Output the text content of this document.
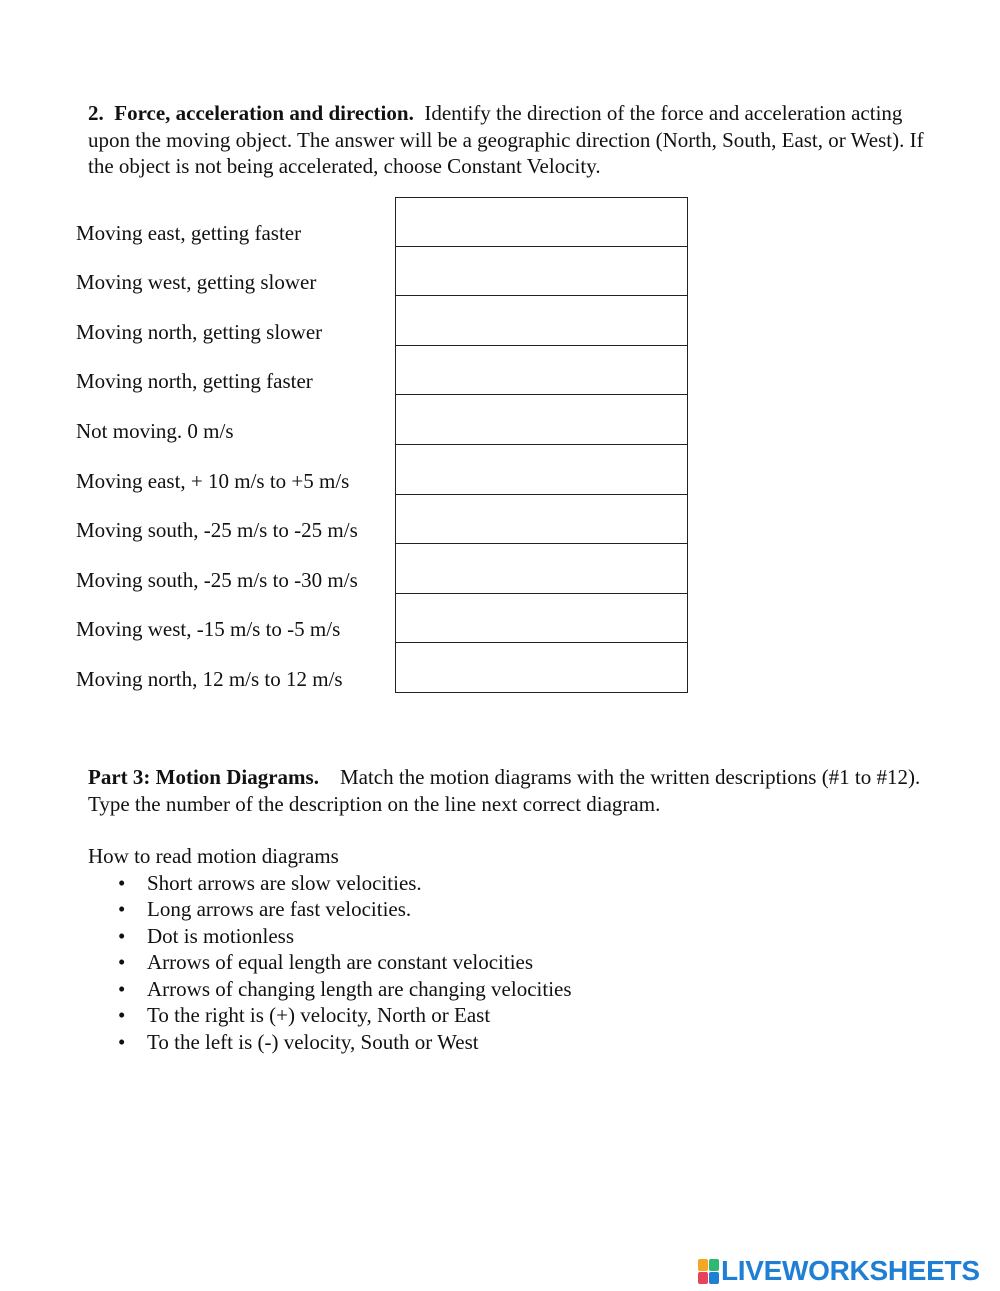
2. Force, acceleration and direction. Identify the direction of the force and acceleration acting upon the moving object. The answer will be a geographic direction (North, South, East, or West). If the object is not being accelerated, choose Constant Velocity.
Moving east, getting faster
Moving west, getting slower
Moving north, getting slower
Moving north, getting faster
Not moving. 0 m/s
Moving east, + 10 m/s to +5 m/s
Moving south, -25 m/s to -25 m/s
Moving south, -25 m/s to -30 m/s
Moving west, -15 m/s to -5 m/s
Moving north, 12 m/s to 12 m/s
Part 3: Motion Diagrams. Match the motion diagrams with the written descriptions (#1 to #12). Type the number of the description on the line next correct diagram.
How to read motion diagrams
• Short arrows are slow velocities.
• Long arrows are fast velocities.
• Dot is motionless
• Arrows of equal length are constant velocities
• Arrows of changing length are changing velocities
• To the right is (+) velocity, North or East
• To the left is (-) velocity, South or West
LIVEWORKSHEETS
